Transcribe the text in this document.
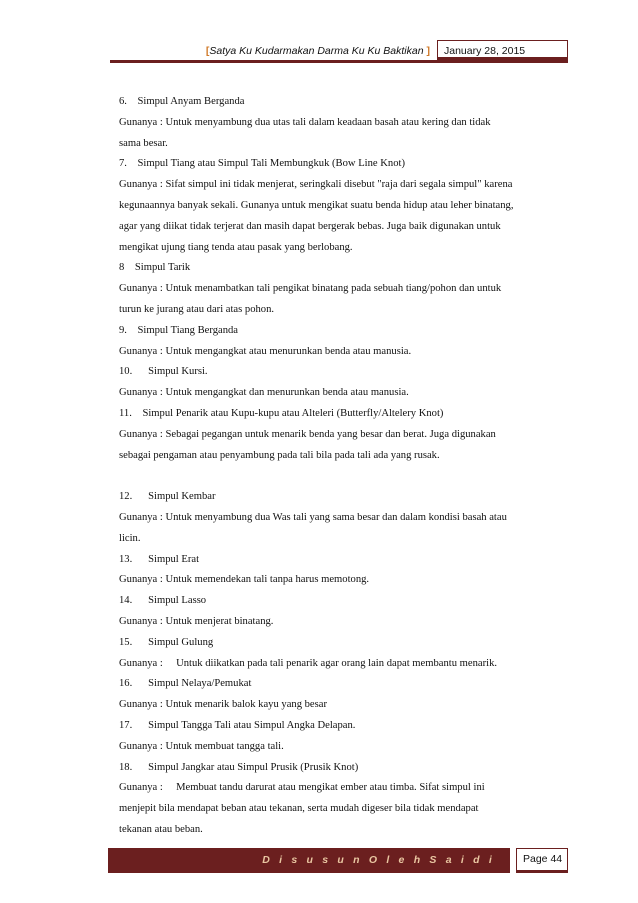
[Satya Ku Kudarmakan Darma Ku Ku Baktikan ]	January 28, 2015
6.    Simpul Anyam Berganda
Gunanya : Untuk menyambung dua utas tali dalam keadaan basah atau kering dan tidak
sama besar.
7.    Simpul Tiang atau Simpul Tali Membungkuk (Bow Line Knot)
Gunanya : Sifat simpul ini tidak menjerat, seringkali disebut "raja dari segala simpul" karena
kegunaannya banyak sekali. Gunanya untuk mengikat suatu benda hidup atau leher binatang,
agar yang diikat tidak terjerat dan masih dapat bergerak bebas. Juga baik digunakan untuk
mengikat ujung tiang tenda atau pasak yang berlobang.
8    Simpul Tarik
Gunanya : Untuk menambatkan tali pengikat binatang pada sebuah tiang/pohon dan untuk
turun ke jurang atau dari atas pohon.
9.    Simpul Tiang Berganda
Gunanya : Untuk mengangkat atau menurunkan benda atau manusia.
10.      Simpul Kursi.
Gunanya : Untuk mengangkat dan menurunkan benda atau manusia.
11.    Simpul Penarik atau Kupu-kupu atau Alteleri (Butterfly/Altelery Knot)
Gunanya : Sebagai pegangan untuk menarik benda yang besar dan berat. Juga digunakan
sebagai pengaman atau penyambung pada tali bila pada tali ada yang rusak.
12.      Simpul Kembar
Gunanya : Untuk menyambung dua Was tali yang sama besar dan dalam kondisi basah atau
licin.
13.      Simpul Erat
Gunanya : Untuk memendekan tali tanpa harus memotong.
14.      Simpul Lasso
Gunanya : Untuk menjerat binatang.
15.      Simpul Gulung
Gunanya :     Untuk diikatkan pada tali penarik agar orang lain dapat membantu menarik.
16.      Simpul Nelaya/Pemukat
Gunanya : Untuk menarik balok kayu yang besar
17.      Simpul Tangga Tali atau Simpul Angka Delapan.
Gunanya : Untuk membuat tangga tali.
18.      Simpul Jangkar atau Simpul Prusik (Prusik Knot)
Gunanya :     Membuat tandu darurat atau mengikat ember atau timba. Sifat simpul ini
menjepit bila mendapat beban atau tekanan, serta mudah digeser bila tidak mendapat
tekanan atau beban.
D i s u s u n O l e h S a i d i	Page 44
